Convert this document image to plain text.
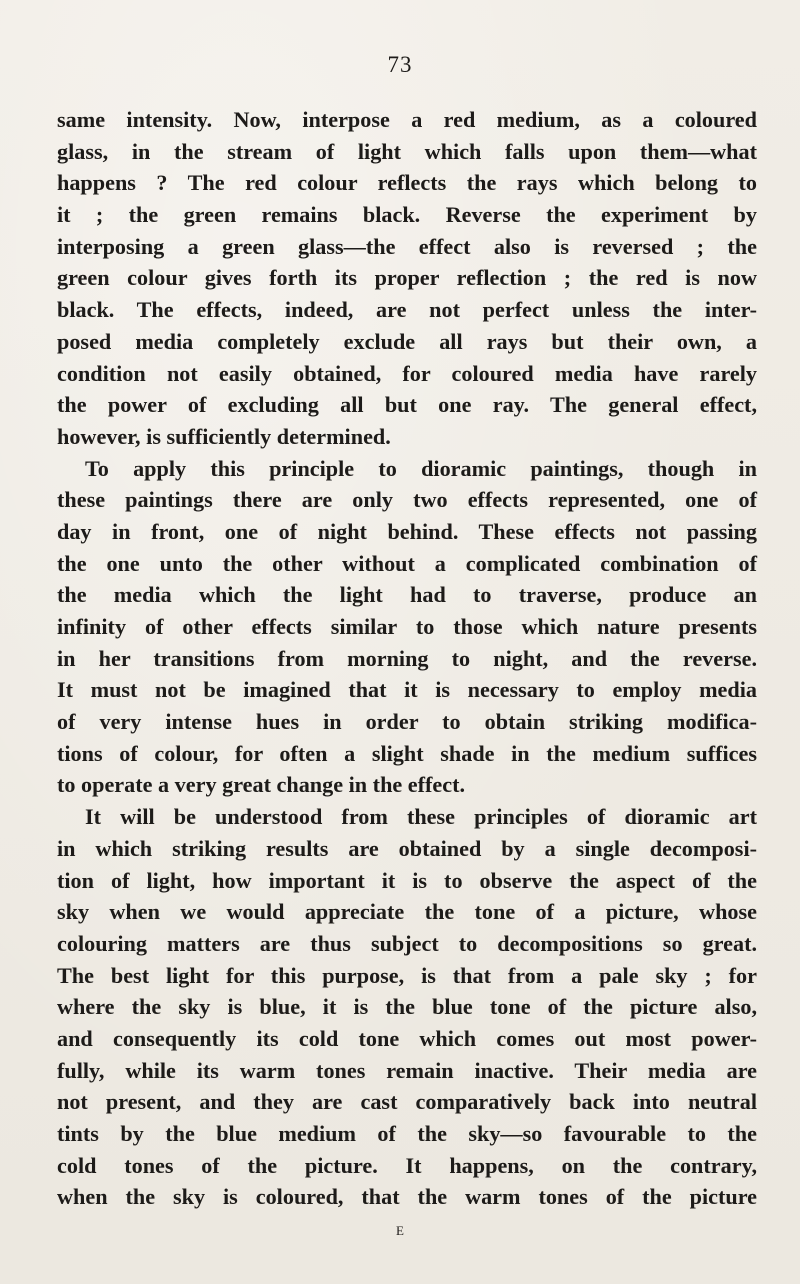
73
same intensity. Now, interpose a red medium, as a coloured
glass, in the stream of light which falls upon them—what
happens ? The red colour reflects the rays which belong to
it ; the green remains black. Reverse the experiment by
interposing a green glass—the effect also is reversed ; the
green colour gives forth its proper reflection ; the red is now
black. The effects, indeed, are not perfect unless the inter-
posed media completely exclude all rays but their own, a
condition not easily obtained, for coloured media have rarely
the power of excluding all but one ray. The general effect,
however, is sufficiently determined.
To apply this principle to dioramic paintings, though in
these paintings there are only two effects represented, one of
day in front, one of night behind. These effects not passing
the one unto the other without a complicated combination of
the media which the light had to traverse, produce an
infinity of other effects similar to those which nature presents
in her transitions from morning to night, and the reverse.
It must not be imagined that it is necessary to employ media
of very intense hues in order to obtain striking modifica-
tions of colour, for often a slight shade in the medium suffices
to operate a very great change in the effect.
It will be understood from these principles of dioramic art
in which striking results are obtained by a single decomposi-
tion of light, how important it is to observe the aspect of the
sky when we would appreciate the tone of a picture, whose
colouring matters are thus subject to decompositions so great.
The best light for this purpose, is that from a pale sky ; for
where the sky is blue, it is the blue tone of the picture also,
and consequently its cold tone which comes out most power-
fully, while its warm tones remain inactive. Their media are
not present, and they are cast comparatively back into neutral
tints by the blue medium of the sky—so favourable to the
cold tones of the picture. It happens, on the contrary,
when the sky is coloured, that the warm tones of the picture
E
